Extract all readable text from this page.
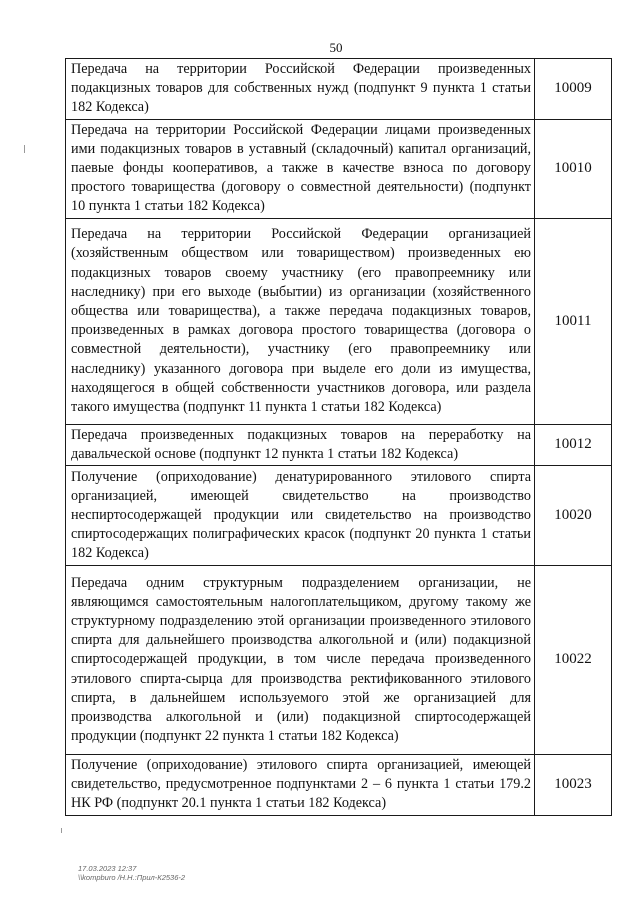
50
Передача на территории Российской Федерации произведенных подакцизных товаров для собственных нужд (подпункт 9 пункта 1 статьи 182 Кодекса)	10009
Передача на территории Российской Федерации лицами произведенных ими подакцизных товаров в уставный (складочный) капитал организаций, паевые фонды кооперативов, а также в качестве взноса по договору простого товарищества (договору о совместной деятельности) (подпункт 10 пункта 1 статьи 182 Кодекса)	10010
Передача на территории Российской Федерации организацией (хозяйственным обществом или товариществом) произведенных ею подакцизных товаров своему участнику (его правопреемнику или наследнику) при его выходе (выбытии) из организации (хозяйственного общества или товарищества), а также передача подакцизных товаров, произведенных в рамках договора простого товарищества (договора о совместной деятельности), участнику (его правопреемнику или наследнику) указанного договора при выделе его доли из имущества, находящегося в общей собственности участников договора, или раздела такого имущества (подпункт 11 пункта 1 статьи 182 Кодекса)	10011
Передача произведенных подакцизных товаров на переработку на давальческой основе (подпункт 12 пункта 1 статьи 182 Кодекса)	10012
Получение (оприходование) денатурированного этилового спирта организацией, имеющей свидетельство на производство неспиртосодержащей продукции или свидетельство на производство спиртосодержащих полиграфических красок (подпункт 20 пункта 1 статьи 182 Кодекса)	10020
Передача одним структурным подразделением организации, не являющимся самостоятельным налогоплательщиком, другому такому же структурному подразделению этой организации произведенного этилового спирта для дальнейшего производства алкогольной и (или) подакцизной спиртосодержащей продукции, в том числе передача произведенного этилового спирта-сырца для производства ректификованного этилового спирта, в дальнейшем используемого этой же организацией для производства алкогольной и (или) подакцизной спиртосодержащей продукции (подпункт 22 пункта 1 статьи 182 Кодекса)	10022
Получение (оприходование) этилового спирта организацией, имеющей свидетельство, предусмотренное подпунктами 2 – 6 пункта 1 статьи 179.2 НК РФ (подпункт 20.1 пункта 1 статьи 182 Кодекса)	10023
17.03.2023 12:37
\\kompburo /Н.Н.:Прил-К2536-2
